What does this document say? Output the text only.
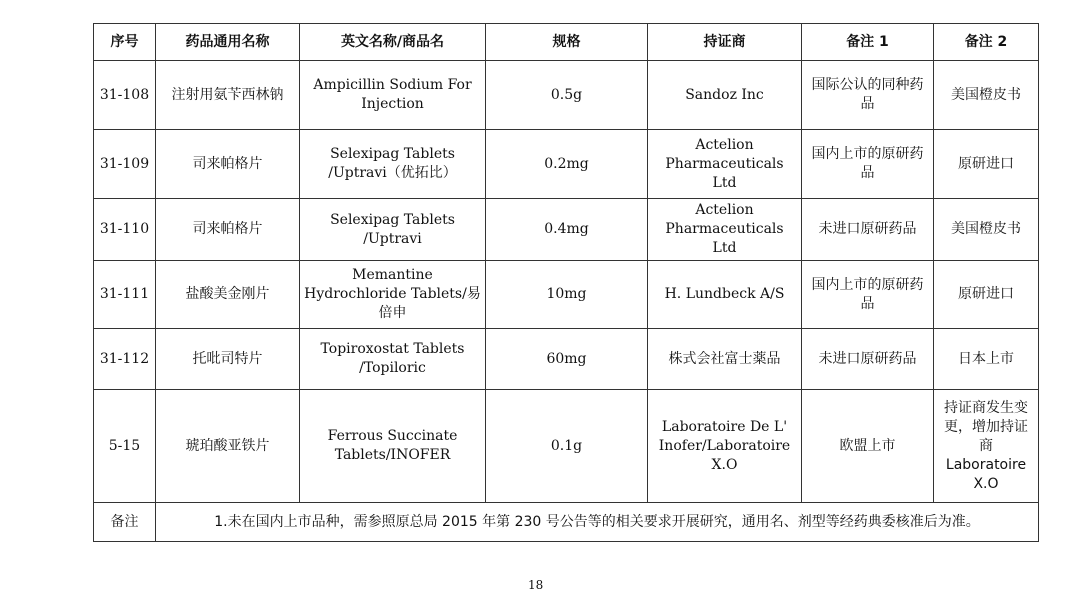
序号	药品通用名称	英文名称/商品名	规格	持证商	备注 1	备注 2
31-108	注射用氨苄西林钠	Ampicillin Sodium For Injection	0.5g	Sandoz Inc	国际公认的同种药品	美国橙皮书
31-109	司来帕格片	Selexipag Tablets /Uptravi（优拓比）	0.2mg	Actelion Pharmaceuticals Ltd	国内上市的原研药品	原研进口
31-110	司来帕格片	Selexipag Tablets /Uptravi	0.4mg	Actelion Pharmaceuticals Ltd	未进口原研药品	美国橙皮书
31-111	盐酸美金刚片	Memantine Hydrochloride Tablets/易倍申	10mg	H. Lundbeck A/S	国内上市的原研药品	原研进口
31-112	托吡司特片	Topiroxostat Tablets /Topiloric	60mg	株式会社富士薬品	未进口原研药品	日本上市
5-15	琥珀酸亚铁片	Ferrous Succinate Tablets/INOFER	0.1g	Laboratoire De L' Inofer/Laboratoire X.O	欧盟上市	持证商发生变更，增加持证商 Laboratoire X.O
备注	1.未在国内上市品种，需参照原总局 2015 年第 230 号公告等的相关要求开展研究，通用名、剂型等经药典委核准后为准。					
18
